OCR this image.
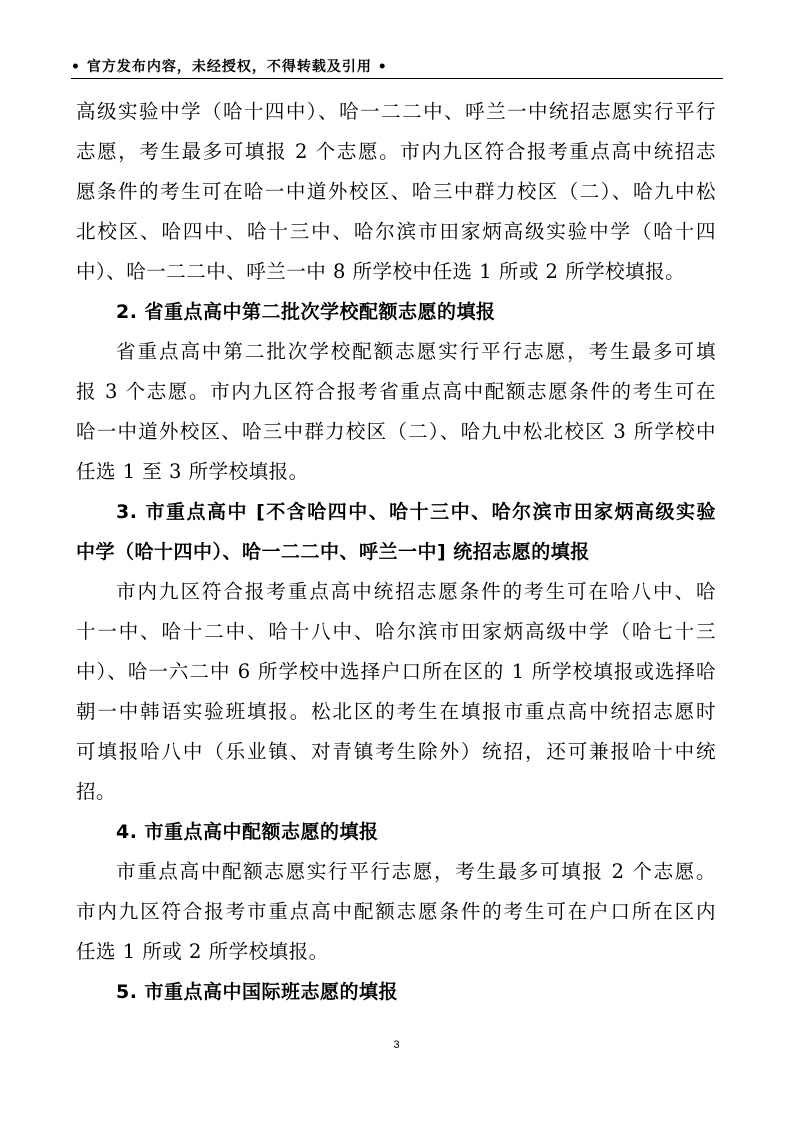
• 官方发布内容，未经授权，不得转载及引用 •
高级实验中学（哈十四中）、哈一二二中、呼兰一中统招志愿实行平行
志愿，考生最多可填报 2 个志愿。市内九区符合报考重点高中统招志
愿条件的考生可在哈一中道外校区、哈三中群力校区（二）、哈九中松
北校区、哈四中、哈十三中、哈尔滨市田家炳高级实验中学（哈十四
中）、哈一二二中、呼兰一中 8 所学校中任选 1 所或 2 所学校填报。
2. 省重点高中第二批次学校配额志愿的填报
省重点高中第二批次学校配额志愿实行平行志愿，考生最多可填
报 3 个志愿。市内九区符合报考省重点高中配额志愿条件的考生可在
哈一中道外校区、哈三中群力校区（二）、哈九中松北校区 3 所学校中
任选 1 至 3 所学校填报。
3. 市重点高中 [不含哈四中、哈十三中、哈尔滨市田家炳高级实验
中学（哈十四中）、哈一二二中、呼兰一中] 统招志愿的填报
市内九区符合报考重点高中统招志愿条件的考生可在哈八中、哈
十一中、哈十二中、哈十八中、哈尔滨市田家炳高级中学（哈七十三
中）、哈一六二中 6 所学校中选择户口所在区的 1 所学校填报或选择哈
朝一中韩语实验班填报。松北区的考生在填报市重点高中统招志愿时
可填报哈八中（乐业镇、对青镇考生除外）统招，还可兼报哈十中统
招。
4. 市重点高中配额志愿的填报
市重点高中配额志愿实行平行志愿，考生最多可填报 2 个志愿。
市内九区符合报考市重点高中配额志愿条件的考生可在户口所在区内
任选 1 所或 2 所学校填报。
5. 市重点高中国际班志愿的填报
3
